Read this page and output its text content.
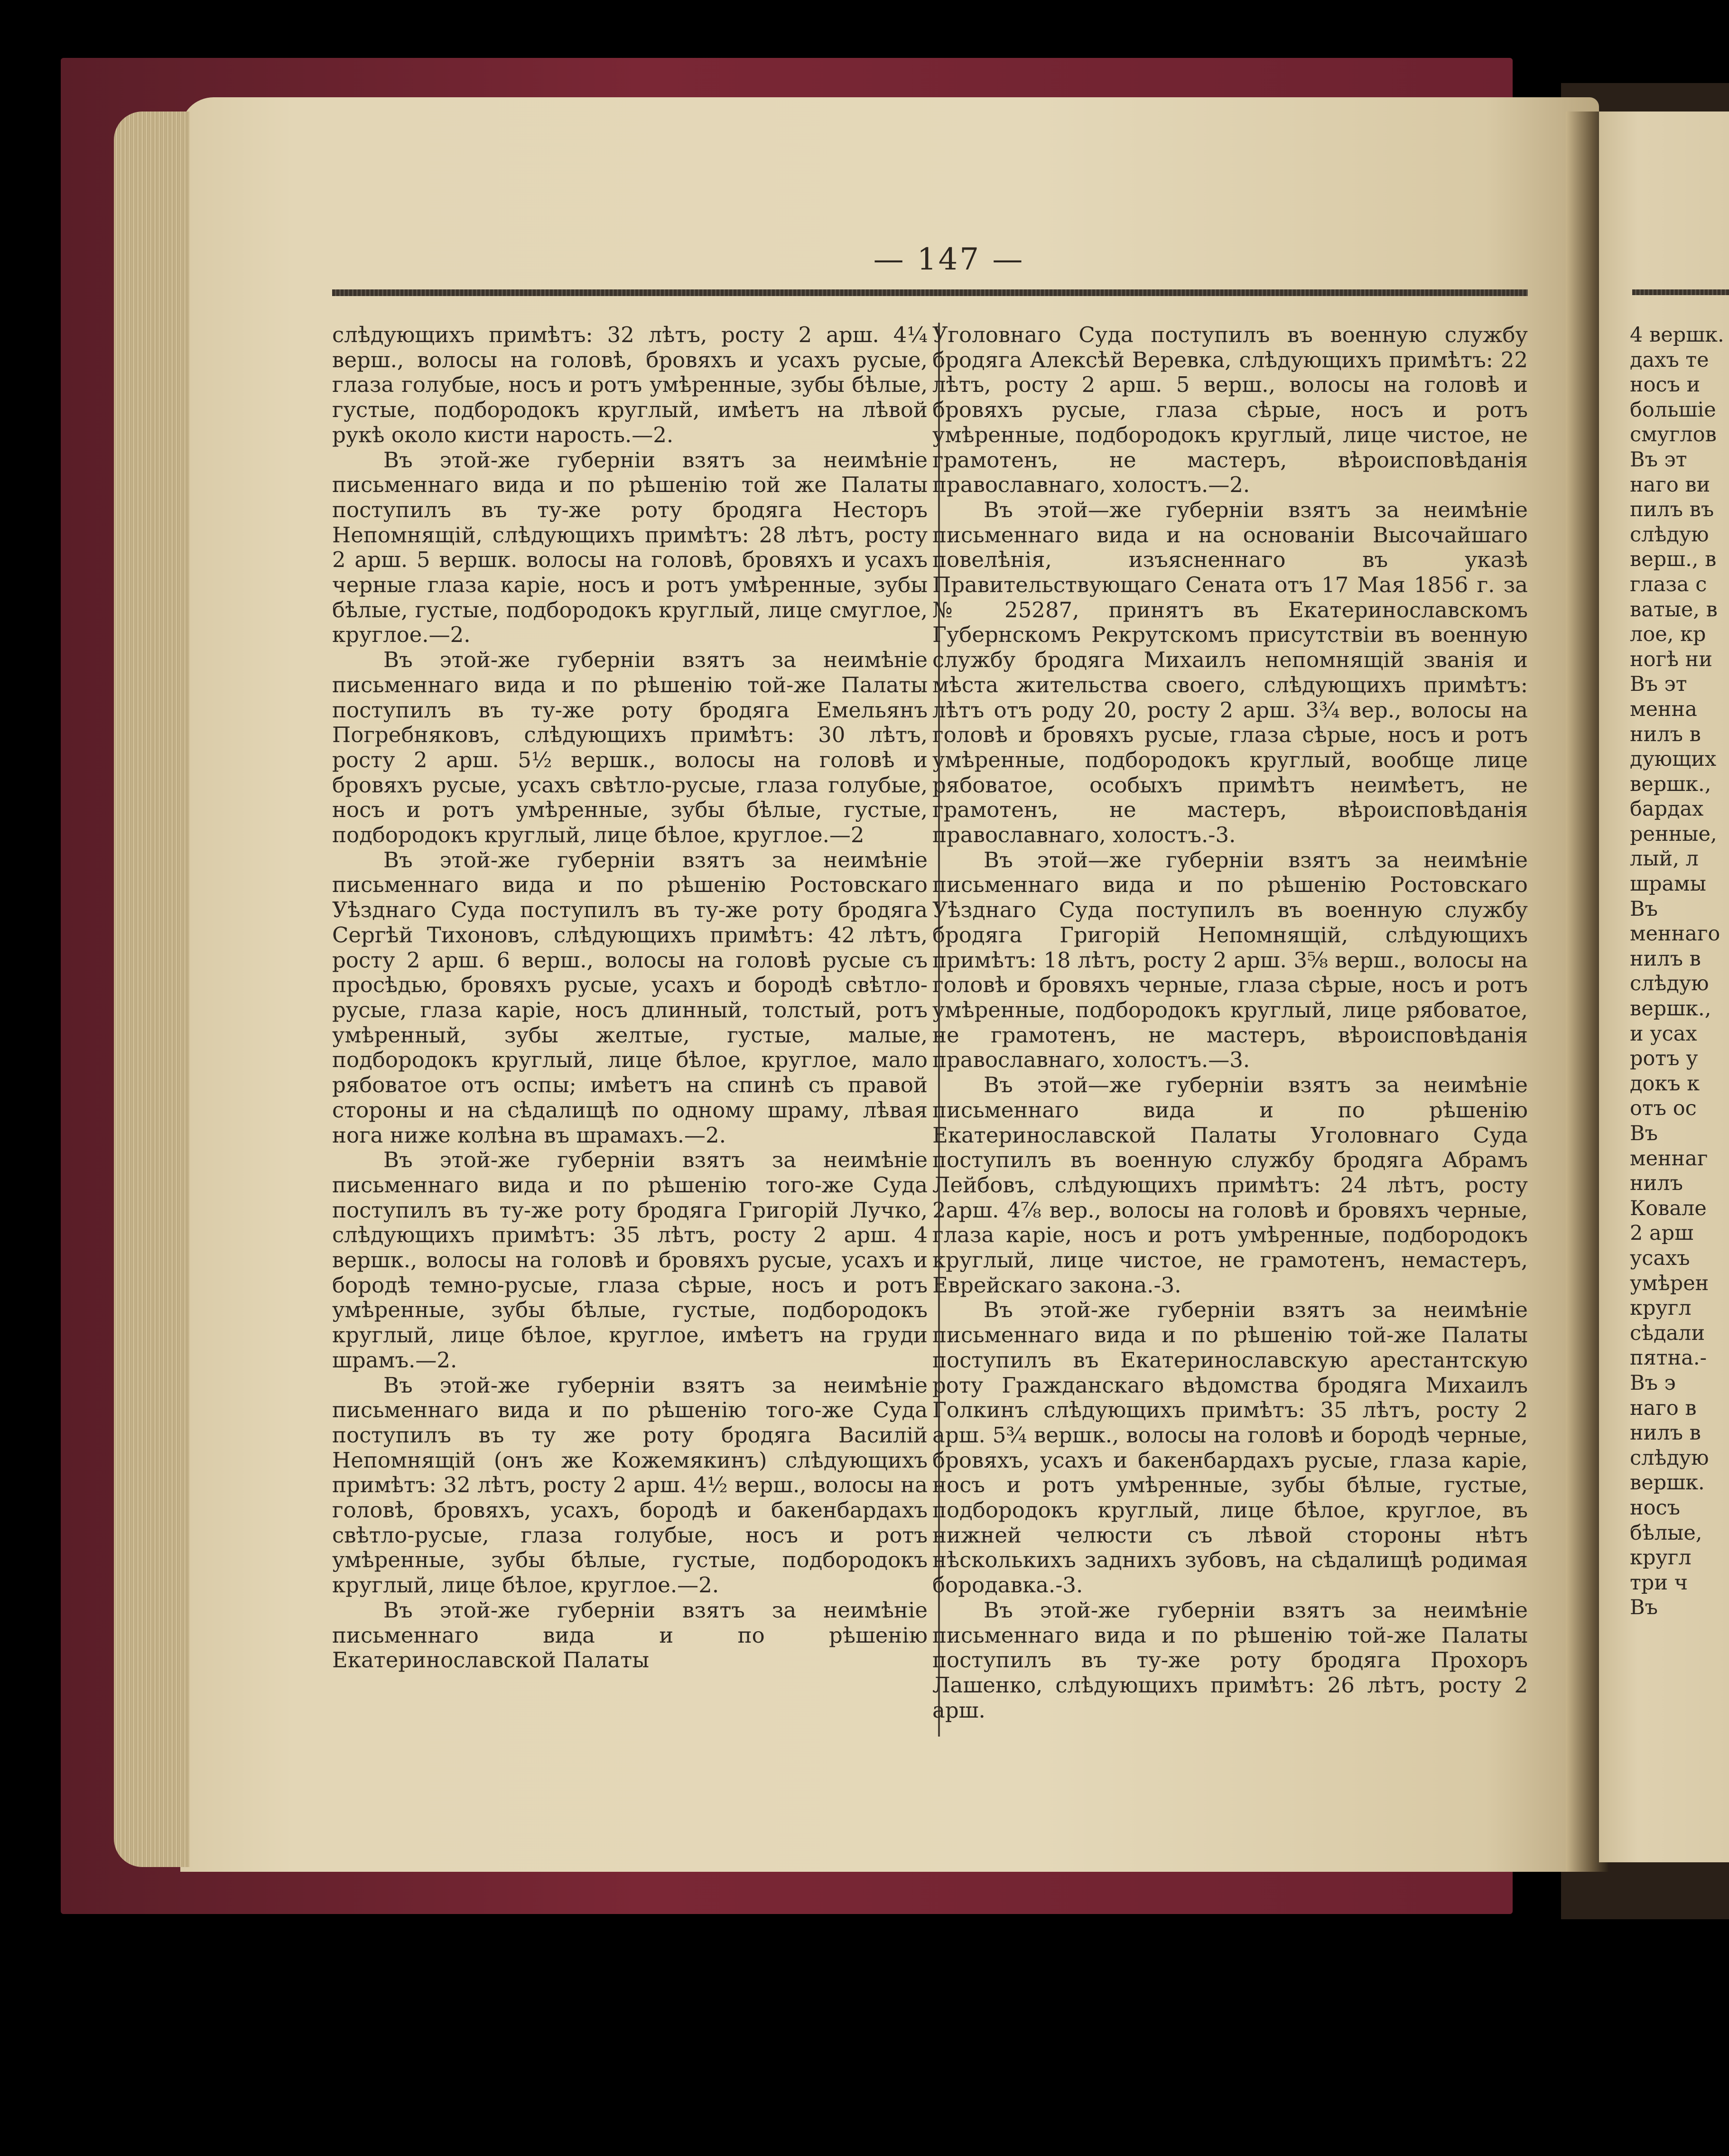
4 вершк.
дахъ те
носъ и
большіе
смуглов
Въ эт
наго ви
пилъ въ
слѣдую
верш., в
глаза с
ватые, в
лое, кр
ногѣ ни
Въ эт
менна
нилъ в
дующих
вершк.,
бардах
ренные,
лый, л
шрамы
Въ
меннаго
нилъ в
слѣдую
вершк.,
и усах
ротъ у
докъ к
отъ ос
Въ
меннаг
нилъ
Ковале
2 арш
усахъ
умѣрен
кругл
сѣдали
пятна.-
Въ э
наго в
нилъ в
слѣдую
вершк.
носъ
бѣлые,
кругл
три ч
Въ
— 147 —

слѣдующихъ примѣтъ: 32 лѣтъ, росту 2 арш. 4¼ верш., волосы на головѣ, бровяхъ и усахъ русые, глаза голубые, носъ и ротъ умѣренные, зубы бѣлые, густые, подбородокъ круглый, имѣетъ на лѣвой рукѣ около кисти нарость.—2.

Въ этой-же губерніи взятъ за неимѣніе письменнаго вида и по рѣшенію той же Палаты поступилъ въ ту-же роту бродяга Несторъ Непомнящій, слѣдующихъ примѣтъ: 28 лѣтъ, росту 2 арш. 5 вершк. волосы на головѣ, бровяхъ и усахъ черные глаза каріе, носъ и ротъ умѣренные, зубы бѣлые, густые, подбородокъ круглый, лице смуглое, круглое.—2.

Въ этой-же губерніи взятъ за неимѣніе письменнаго вида и по рѣшенію той-же Палаты поступилъ въ ту-же роту бродяга Емельянъ Погребняковъ, слѣдующихъ примѣтъ: 30 лѣтъ, росту 2 арш. 5½ вершк., волосы на головѣ и бровяхъ русые, усахъ свѣтло-русые, глаза голубые, носъ и ротъ умѣренные, зубы бѣлые, густые, подбородокъ круглый, лице бѣлое, круглое.—2

Въ этой-же губерніи взятъ за неимѣніе письменнаго вида и по рѣшенію Ростовскаго Уѣзднаго Суда поступилъ въ ту-же роту бродяга Сергѣй Тихоновъ, слѣдующихъ примѣтъ: 42 лѣтъ, росту 2 арш. 6 верш., волосы на головѣ русые съ просѣдью, бровяхъ русые, усахъ и бородѣ свѣтло-русые, глаза каріе, носъ длинный, толстый, ротъ умѣренный, зубы желтые, густые, малые, подбородокъ круглый, лице бѣлое, круглое, мало рябоватое отъ оспы; имѣетъ на спинѣ съ правой стороны и на сѣдалищѣ по одному шраму, лѣвая нога ниже колѣна въ шрамахъ.—2.

Въ этой-же губерніи взятъ за неимѣніе письменнаго вида и по рѣшенію того-же Суда поступилъ въ ту-же роту бродяга Григорій Лучко, слѣдующихъ примѣтъ: 35 лѣтъ, росту 2 арш. 4 вершк., волосы на головѣ и бровяхъ русые, усахъ и бородѣ темно-русые, глаза сѣрые, носъ и ротъ умѣренные, зубы бѣлые, густые, подбородокъ круглый, лице бѣлое, круглое, имѣетъ на груди шрамъ.—2.

Въ этой-же губерніи взятъ за неимѣніе письменнаго вида и по рѣшенію того-же Суда поступилъ въ ту же роту бродяга Василій Непомнящій (онъ же Кожемякинъ) слѣдующихъ примѣтъ: 32 лѣтъ, росту 2 арш. 4½ верш., волосы на головѣ, бровяхъ, усахъ, бородѣ и бакенбардахъ свѣтло-русые, глаза голубые, носъ и ротъ умѣренные, зубы бѣлые, густые, подбородокъ круглый, лице бѣлое, круглое.—2.

Въ этой-же губерніи взятъ за неимѣніе письменнаго вида и по рѣшенію Екатеринославской Палаты

Уголовнаго Суда поступилъ въ военную службу бродяга Алексѣй Веревка, слѣдующихъ примѣтъ: 22 лѣтъ, росту 2 арш. 5 верш., волосы на головѣ и бровяхъ русые, глаза сѣрые, носъ и ротъ умѣренные, подбородокъ круглый, лице чистое, не грамотенъ, не мастеръ, вѣроисповѣданія православнаго, холостъ.—2.

Въ этой—же губерніи взятъ за неимѣніе письменнаго вида и на основаніи Высочайшаго повелѣнія, изъясненнаго въ указѣ Правительствующаго Сената отъ 17 Мая 1856 г. за № 25287, принятъ въ Екатеринославскомъ Губернскомъ Рекрутскомъ присутствіи въ военную службу бродяга Михаилъ непомнящій званія и мѣста жительства своего, слѣдующихъ примѣтъ: лѣтъ отъ роду 20, росту 2 арш. 3¾ вер., волосы на головѣ и бровяхъ русые, глаза сѣрые, носъ и ротъ умѣренные, подбородокъ круглый, вообще лице рябоватое, особыхъ примѣтъ неимѣетъ, не грамотенъ, не мастеръ, вѣроисповѣданія православнаго, холостъ.-3.

Въ этой—же губерніи взятъ за неимѣніе письменнаго вида и по рѣшенію Ростовскаго Уѣзднаго Суда поступилъ въ военную службу бродяга Григорій Непомнящій, слѣдующихъ примѣтъ: 18 лѣтъ, росту 2 арш. 3⅝ верш., волосы на головѣ и бровяхъ черные, глаза сѣрые, носъ и ротъ умѣренные, подбородокъ круглый, лице рябоватое, не грамотенъ, не мастеръ, вѣроисповѣданія православнаго, холостъ.—3.

Въ этой—же губерніи взятъ за неимѣніе письменнаго вида и по рѣшенію Екатеринославской Палаты Уголовнаго Суда поступилъ въ военную службу бродяга Абрамъ Лейбовъ, слѣдующихъ примѣтъ: 24 лѣтъ, росту 2арш. 4⅞ вер., волосы на головѣ и бровяхъ черные, глаза каріе, носъ и ротъ умѣренные, подбородокъ круглый, лице чистое, не грамотенъ, немастеръ, Еврейскаго закона.-3.

Въ этой-же губерніи взятъ за неимѣніе письменнаго вида и по рѣшенію той-же Палаты поступилъ въ Екатеринославскую арестантскую роту Гражданскаго вѣдомства бродяга Михаилъ Голкинъ слѣдующихъ примѣтъ: 35 лѣтъ, росту 2 арш. 5¾ вершк., волосы на головѣ и бородѣ черные, бровяхъ, усахъ и бакенбардахъ русые, глаза каріе, носъ и ротъ умѣренные, зубы бѣлые, густые, подбородокъ круглый, лице бѣлое, круглое, въ нижней челюсти съ лѣвой стороны нѣтъ нѣсколькихъ заднихъ зубовъ, на сѣдалищѣ родимая бородавка.-3.

Въ этой-же губерніи взятъ за неимѣніе письменнаго вида и по рѣшенію той-же Палаты поступилъ въ ту-же роту бродяга Прохоръ Лашенко, слѣдующихъ примѣтъ: 26 лѣтъ, росту 2 арш.
